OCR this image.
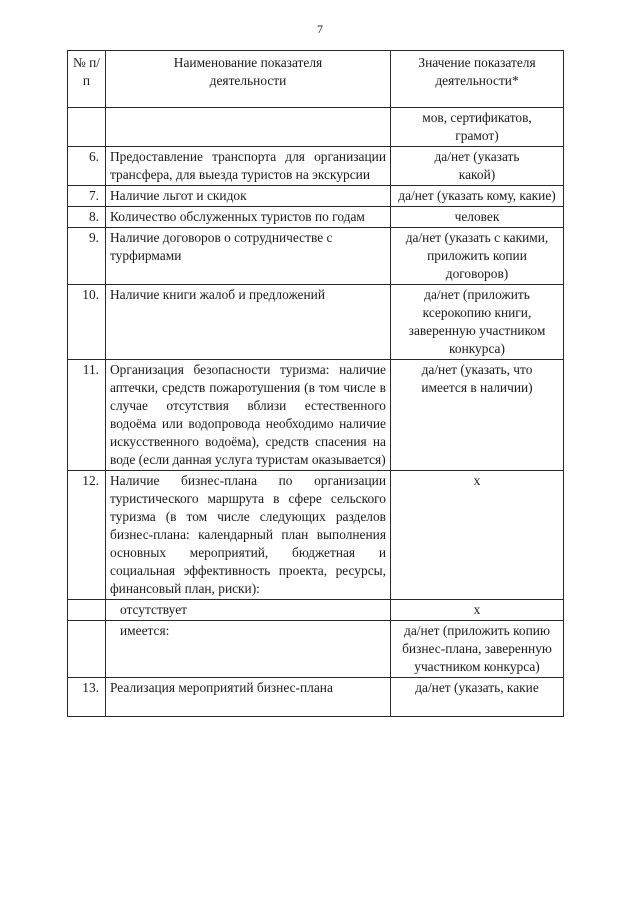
7
№ п/п	Наименование показателя деятельности	Значение показателя деятельности*

		мов, сертификатов, грамот)
6.	Предоставление транспорта для организации трансфера, для выезда туристов на экскурсии	да/нет (указать какой)
7.	Наличие льгот и скидок	да/нет (указать кому, какие)
8.	Количество обслуженных туристов по годам	человек
9.	Наличие договоров о сотрудничестве с турфирмами	да/нет (указать с какими, приложить копии договоров)
10.	Наличие книги жалоб и предложений	да/нет (приложить ксерокопию книги, заверенную участником конкурса)
11.	Организация безопасности туризма: наличие аптечки, средств пожаротушения (в том числе в случае отсутствия вблизи естественного водоёма или водопровода необходимо наличие искусственного водоёма), средств спасения на воде (если данная услуга туристам оказывается)	да/нет (указать, что имеется в наличии)
12.	Наличие бизнес-плана по организации туристического маршрута в сфере сельского туризма (в том числе следующих разделов бизнес-плана: календарный план выполнения основных мероприятий, бюджетная и социальная эффективность проекта, ресурсы, финансовый план, риски):	х
	отсутствует	х
	имеется:	да/нет (приложить копию бизнес-плана, заверенную участником конкурса)
13.	Реализация мероприятий бизнес-плана	да/нет (указать, какие
